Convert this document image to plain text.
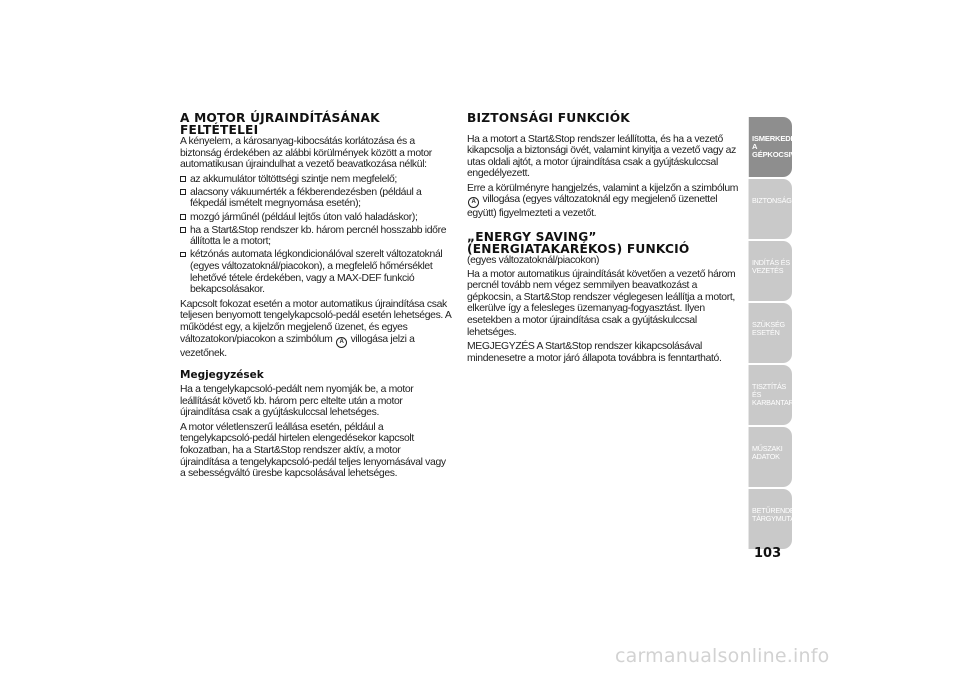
A MOTOR ÚJRAINDÍTÁSÁNAK FELTÉTELEI

A kényelem, a károsanyag-kibocsátás korlátozása és a biztonság érdekében az alábbi körülmények között a motor automatikusan újraindulhat a vezető beavatkozása nélkül:

az akkumulátor töltöttségi szintje nem megfelelő;
alacsony vákuumérték a fékberendezésben (például a fékpedál ismételt megnyomása esetén);
mozgó járműnél (például lejtős úton való haladáskor);
ha a Start&Stop rendszer kb. három percnél hosszabb időre állította le a motort;
kétzónás automata légkondicionálóval szerelt változatoknál (egyes változatoknál/piacokon), a megfelelő hőmérséklet lehetővé tétele érdekében, vagy a MAX-DEF funkció bekapcsolásakor.

Kapcsolt fokozat esetén a motor automatikus újraindítása csak teljesen benyomott tengelykapcsoló-pedál esetén lehetséges. A működést egy, a kijelzőn megjelenő üzenet, és egyes változatokon/piacokon a szimbólum A villogása jelzi a vezetőnek.

Megjegyzések

Ha a tengelykapcsoló-pedált nem nyomják be, a motor leállítását követő kb. három perc eltelte után a motor újraindítása csak a gyújtáskulccsal lehetséges.

A motor véletlenszerű leállása esetén, például a tengelykapcsoló-pedál hirtelen elengedésekor kapcsolt fokozatban, ha a Start&Stop rendszer aktív, a motor újraindítása a tengelykapcsoló-pedál teljes lenyomásával vagy a sebességváltó üresbe kapcsolásával lehetséges.

BIZTONSÁGI FUNKCIÓK

Ha a motort a Start&Stop rendszer leállította, és ha a vezető kikapcsolja a biztonsági övét, valamint kinyitja a vezető vagy az utas oldali ajtót, a motor újraindítása csak a gyújtáskulccsal engedélyezett.

Erre a körülményre hangjelzés, valamint a kijelzőn a szimbólum A villogása (egyes változatoknál egy megjelenő üzenettel együtt) figyelmezteti a vezetőt.

„ENERGY SAVING” (ENERGIATAKARÉKOS) FUNKCIÓ

(egyes változatoknál/piacokon)

Ha a motor automatikus újraindítását követően a vezető három percnél tovább nem végez semmilyen beavatkozást a gépkocsin, a Start&Stop rendszer véglegesen leállítja a motort, elkerülve így a felesleges üzemanyag-fogyasztást. Ilyen esetekben a motor újraindítása csak a gyújtáskulccsal lehetséges.

MEGJEGYZÉS A Start&Stop rendszer kikapcsolásával mindenesetre a motor járó állapota továbbra is fenntartható.

ISMERKEDÉS A GÉPKOCSIVAL
BIZTONSÁG
INDÍTÁS ÉS VEZETÉS
SZÜKSÉG ESETÉN
TISZTÍTÁS ÉS KARBANTARTÁS
MŰSZAKI ADATOK
BETŰRENDES TÁRGYMUTATÓ
103
carmanualsonline.info
